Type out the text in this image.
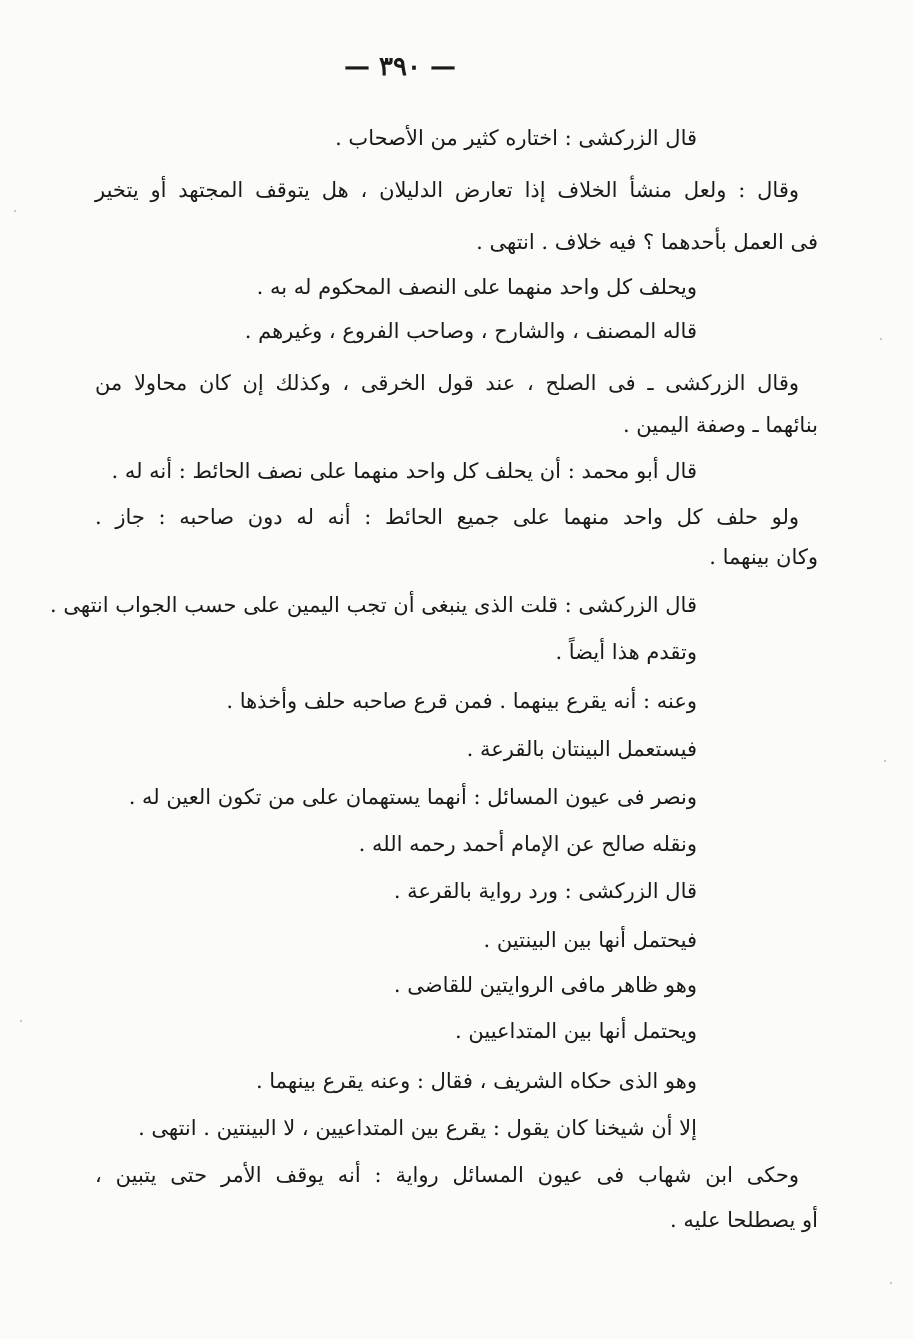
— ٣٩٠ —
قال الزركشى : اختاره كثير من الأصحاب .
وقال : ولعل منشأ الخلاف إذا تعارض الدليلان ، هل يتوقف المجتهد أو يتخير
فى العمل بأحدهما ؟ فيه خلاف . انتهى .
ويحلف كل واحد منهما على النصف المحكوم له به .
قاله المصنف ، والشارح ، وصاحب الفروع ، وغيرهم .
وقال الزركشى ـ فى الصلح ، عند قول الخرقى ، وكذلك إن كان محاولا من
بنائهما ـ وصفة اليمين .
قال أبو محمد : أن يحلف كل واحد منهما على نصف الحائط : أنه له .
ولو حلف كل واحد منهما على جميع الحائط : أنه له دون صاحبه : جاز .
وكان بينهما .
قال الزركشى : قلت الذى ينبغى أن تجب اليمين على حسب الجواب انتهى .
وتقدم هذا أيضاً .
وعنه : أنه يقرع بينهما . فمن قرع صاحبه حلف وأخذها .
فيستعمل البينتان بالقرعة .
ونصر فى عيون المسائل : أنهما يستهمان على من تكون العين له .
ونقله صالح عن الإمام أحمد رحمه الله .
قال الزركشى : ورد رواية بالقرعة .
فيحتمل أنها بين البينتين .
وهو ظاهر مافى الروايتين للقاضى .
ويحتمل أنها بين المتداعيين .
وهو الذى حكاه الشريف ، فقال : وعنه يقرع بينهما .
إلا أن شيخنا كان يقول : يقرع بين المتداعيين ، لا البينتين . انتهى .
وحكى ابن شهاب فى عيون المسائل رواية : أنه يوقف الأمر حتى يتبين ،
أو يصطلحا عليه .
